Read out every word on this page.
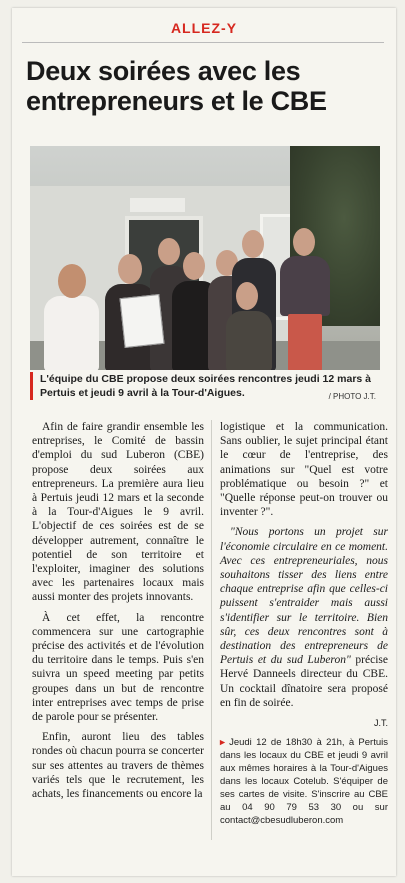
ALLEZ-Y
Deux soirées avec les entrepreneurs et le CBE
L'équipe du CBE propose deux soirées rencontres jeudi 12 mars à Pertuis et jeudi 9 avril à la Tour-d'Aigues.	/ PHOTO J.T.

Afin de faire grandir ensemble les entreprises, le Comité de bassin d'emploi du sud Luberon (CBE) propose deux soirées aux entrepreneurs. La première aura lieu à Pertuis jeudi 12 mars et la seconde à la Tour-d'Aigues le 9 avril. L'objectif de ces soirées est de se développer autrement, connaître le potentiel de son territoire et l'exploiter, imaginer des solutions avec les partenaires locaux mais aussi monter des projets innovants.

À cet effet, la rencontre commencera sur une cartographie précise des activités et de l'évolution du territoire dans le temps. Puis s'en suivra un speed meeting par petits groupes dans un but de rencontre inter entreprises avec temps de prise de parole pour se présenter.

Enfin, auront lieu des tables rondes où chacun pourra se concerter sur ses attentes au travers de thèmes variés tels que le recrutement, les achats, les financements ou encore la

logistique et la communication. Sans oublier, le sujet principal étant le cœur de l'entreprise, des animations sur "Quel est votre problématique ou besoin ?" et "Quelle réponse peut-on trouver ou inventer ?".

"Nous portons un projet sur l'économie circulaire en ce moment. Avec ces entrepreneuriales, nous souhaitons tisser des liens entre chaque entreprise afin que celles-ci puissent s'entraider mais aussi s'identifier sur le territoire. Bien sûr, ces deux rencontres sont à destination des entrepreneurs de Pertuis et du sud Luberon" précise Hervé Danneels directeur du CBE. Un cocktail dînatoire sera proposé en fin de soirée.

J.T.
▸ Jeudi 12 de 18h30 à 21h, à Pertuis dans les locaux du CBE et jeudi 9 avril aux mêmes horaires à la Tour-d'Aigues dans les locaux Cotelub. S'équiper de ses cartes de visite. S'inscrire au CBE au 04 90 79 53 30 ou sur contact@cbesudluberon.com
